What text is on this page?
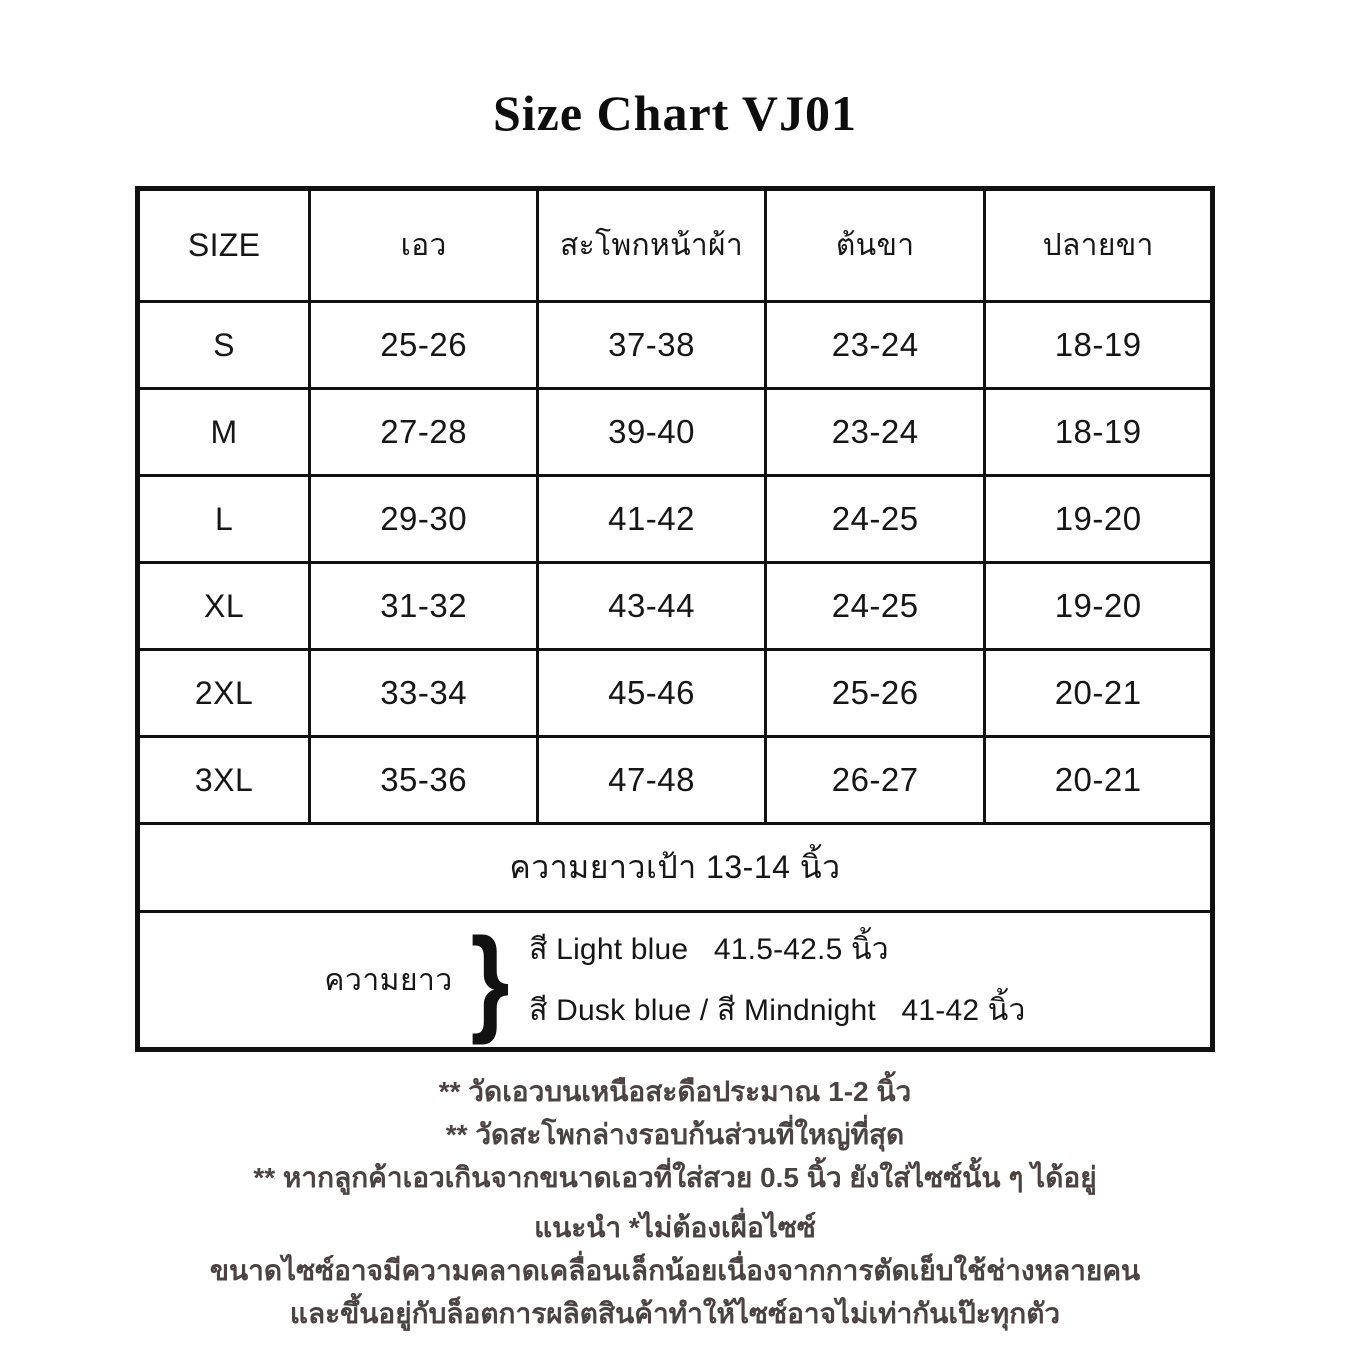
Size Chart VJ01
SIZE	เอว	สะโพกหน้าผ้า	ต้นขา	ปลายขา
S	25-26	37-38	23-24	18-19
M	27-28	39-40	23-24	18-19
L	29-30	41-42	24-25	19-20
XL	31-32	43-44	24-25	19-20
2XL	33-34	45-46	25-26	20-21
3XL	35-36	47-48	26-27	20-21
ความยาวเป้า 13-14 นิ้ว
ความยาว } สี Light blue   41.5-42.5 นิ้ว
สี Dusk blue / สี Mindnight   41-42 นิ้ว

** วัดเอวบนเหนือสะดือประมาณ 1-2 นิ้ว

** วัดสะโพกล่างรอบก้นส่วนที่ใหญ่ที่สุด

** หากลูกค้าเอวเกินจากขนาดเอวที่ใส่สวย 0.5 นิ้ว ยังใส่ไซซ์นั้น ๆ ได้อยู่

แนะนำ *ไม่ต้องเผื่อไซซ์

ขนาดไซซ์อาจมีความคลาดเคลื่อนเล็กน้อยเนื่องจากการตัดเย็บใช้ช่างหลายคน

และขึ้นอยู่กับล็อตการผลิตสินค้าทำให้ไซซ์อาจไม่เท่ากันเป๊ะทุกตัว
